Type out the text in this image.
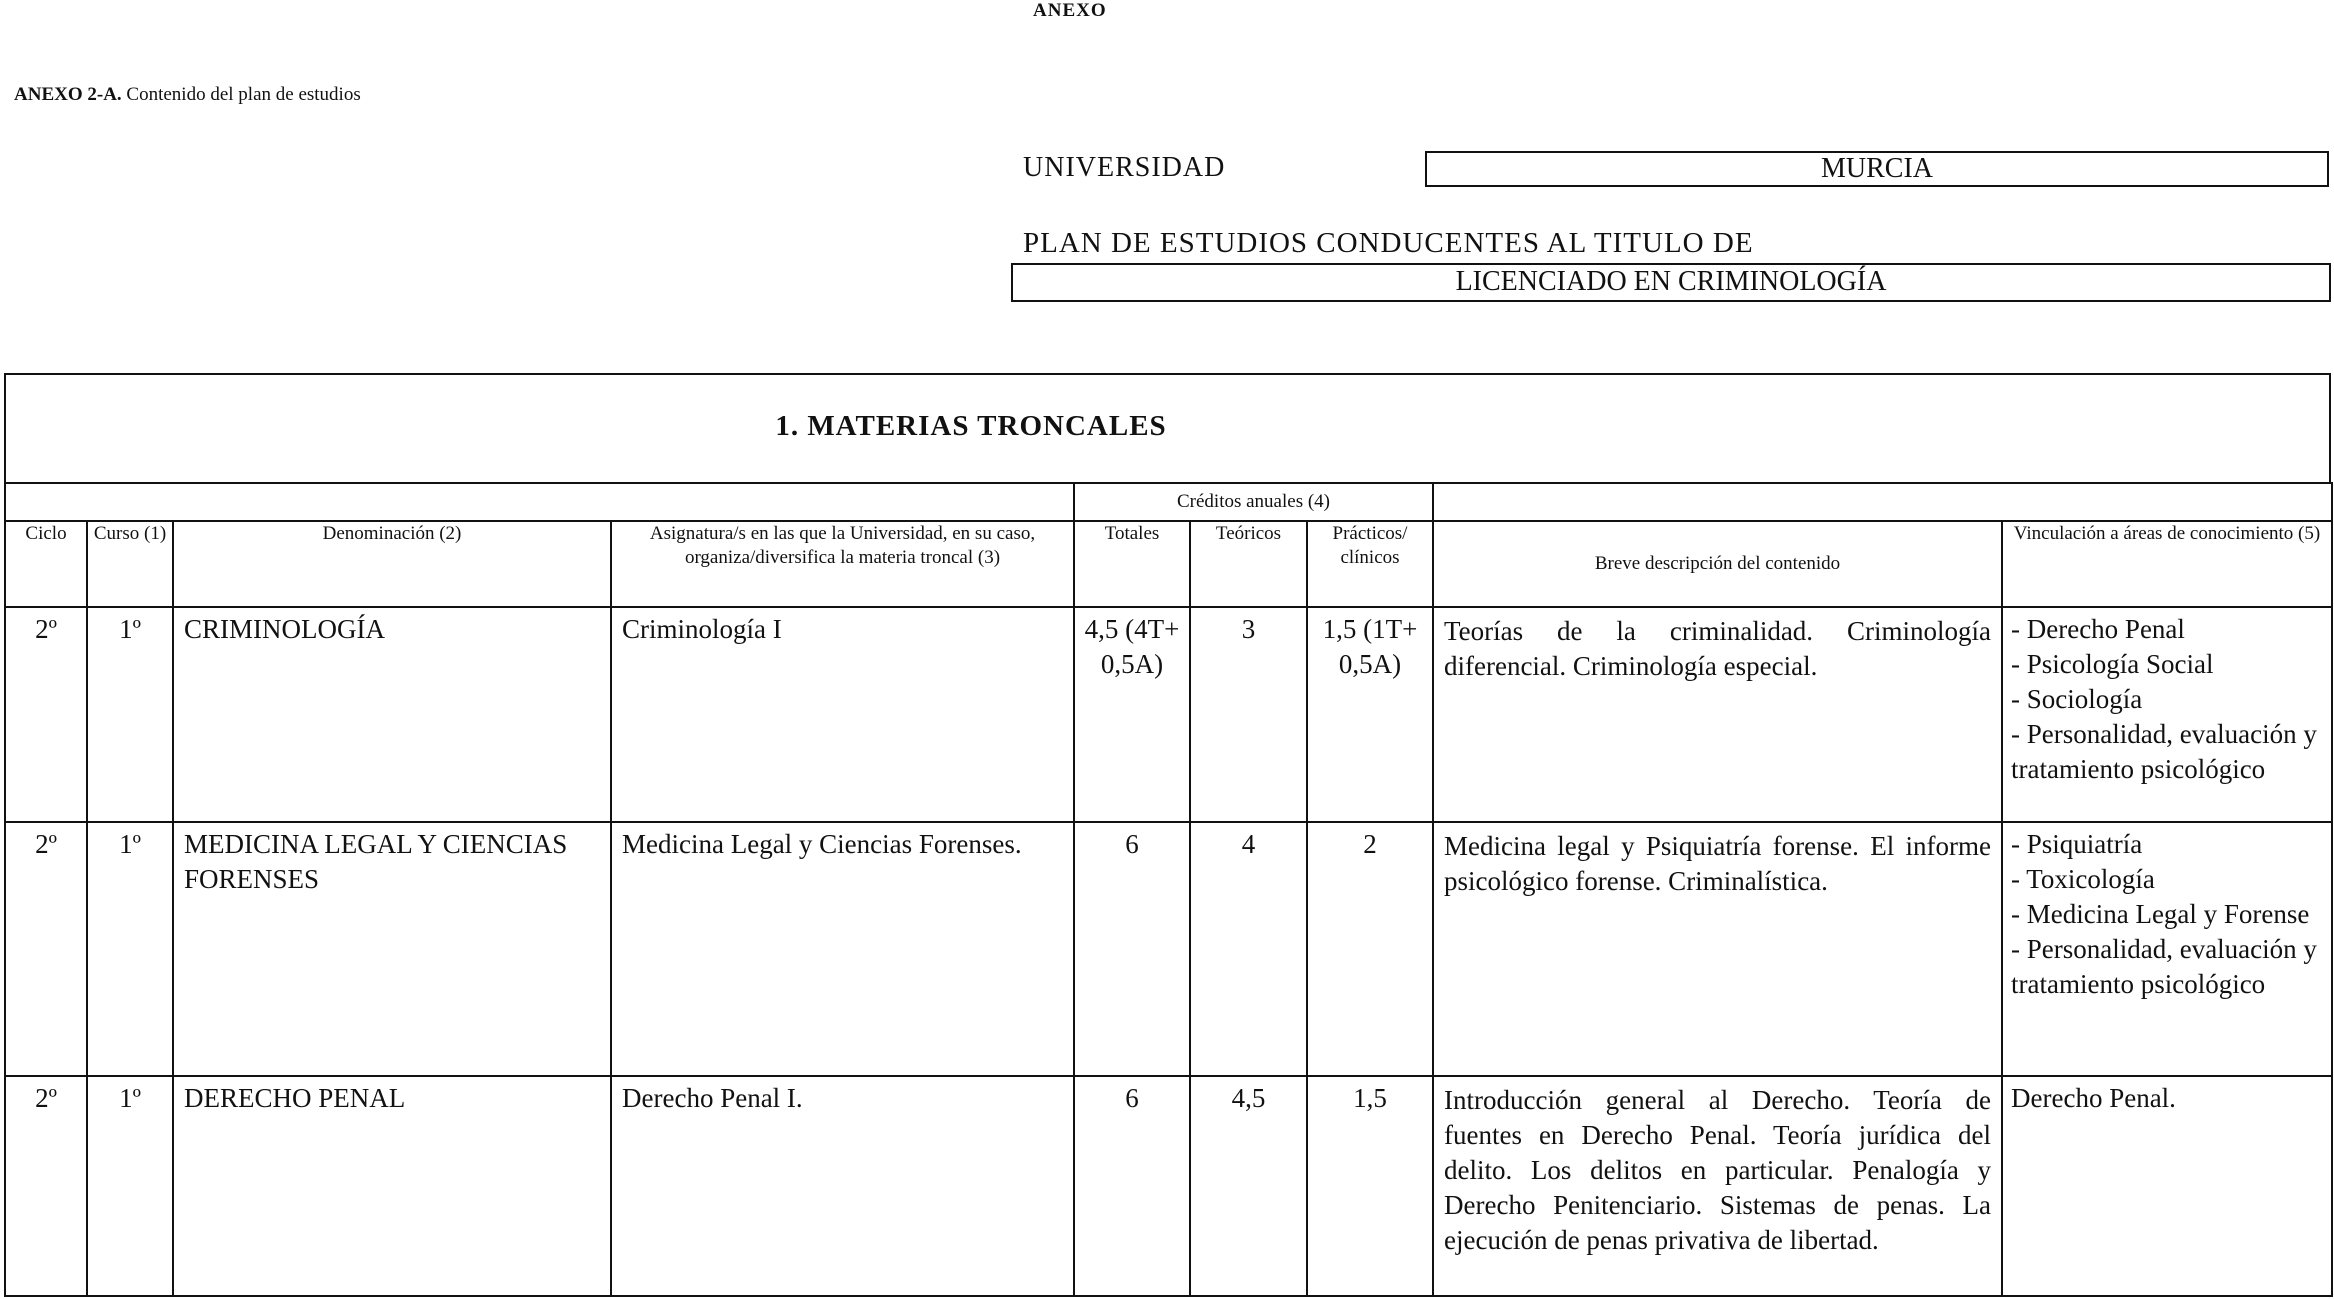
ANEXO
ANEXO 2-A. Contenido del plan de estudios
UNIVERSIDAD	MURCIA
PLAN DE ESTUDIOS CONDUCENTES AL TITULO DE
LICENCIADO EN CRIMINOLOGÍA
1. MATERIAS TRONCALES
				Créditos anuales (4)				
Ciclo	Curso (1)	Denominación (2)	Asignatura/s en las que la Universidad, en su caso, organiza/diversifica la materia troncal (3)	Totales	Teóricos	Prácticos/ clínicos	Breve descripción del contenido	Vinculación a áreas de conocimiento (5)
2º	1º	CRIMINOLOGÍA	Criminología I	4,5 (4T+ 0,5A)	3	1,5 (1T+ 0,5A)	Teorías de la criminalidad. Criminología diferencial. Criminología especial.	- Derecho Penal
- Psicología Social
- Sociología
- Personalidad, evaluación y tratamiento psicológico

2º	1º	MEDICINA LEGAL Y CIENCIAS FORENSES	Medicina Legal y Ciencias Forenses.	6	4	2	Medicina legal y Psiquiatría forense. El informe psicológico forense. Criminalística.	- Psiquiatría
- Toxicología
- Medicina Legal y Forense
- Personalidad, evaluación y tratamiento psicológico

2º	1º	DERECHO PENAL	Derecho Penal I.	6	4,5	1,5	Introducción general al Derecho. Teoría de fuentes en Derecho Penal. Teoría jurídica del delito. Los delitos en particular. Penalogía y Derecho Penitenciario. Sistemas de penas. La ejecución de penas privativa de libertad.	Derecho Penal.
